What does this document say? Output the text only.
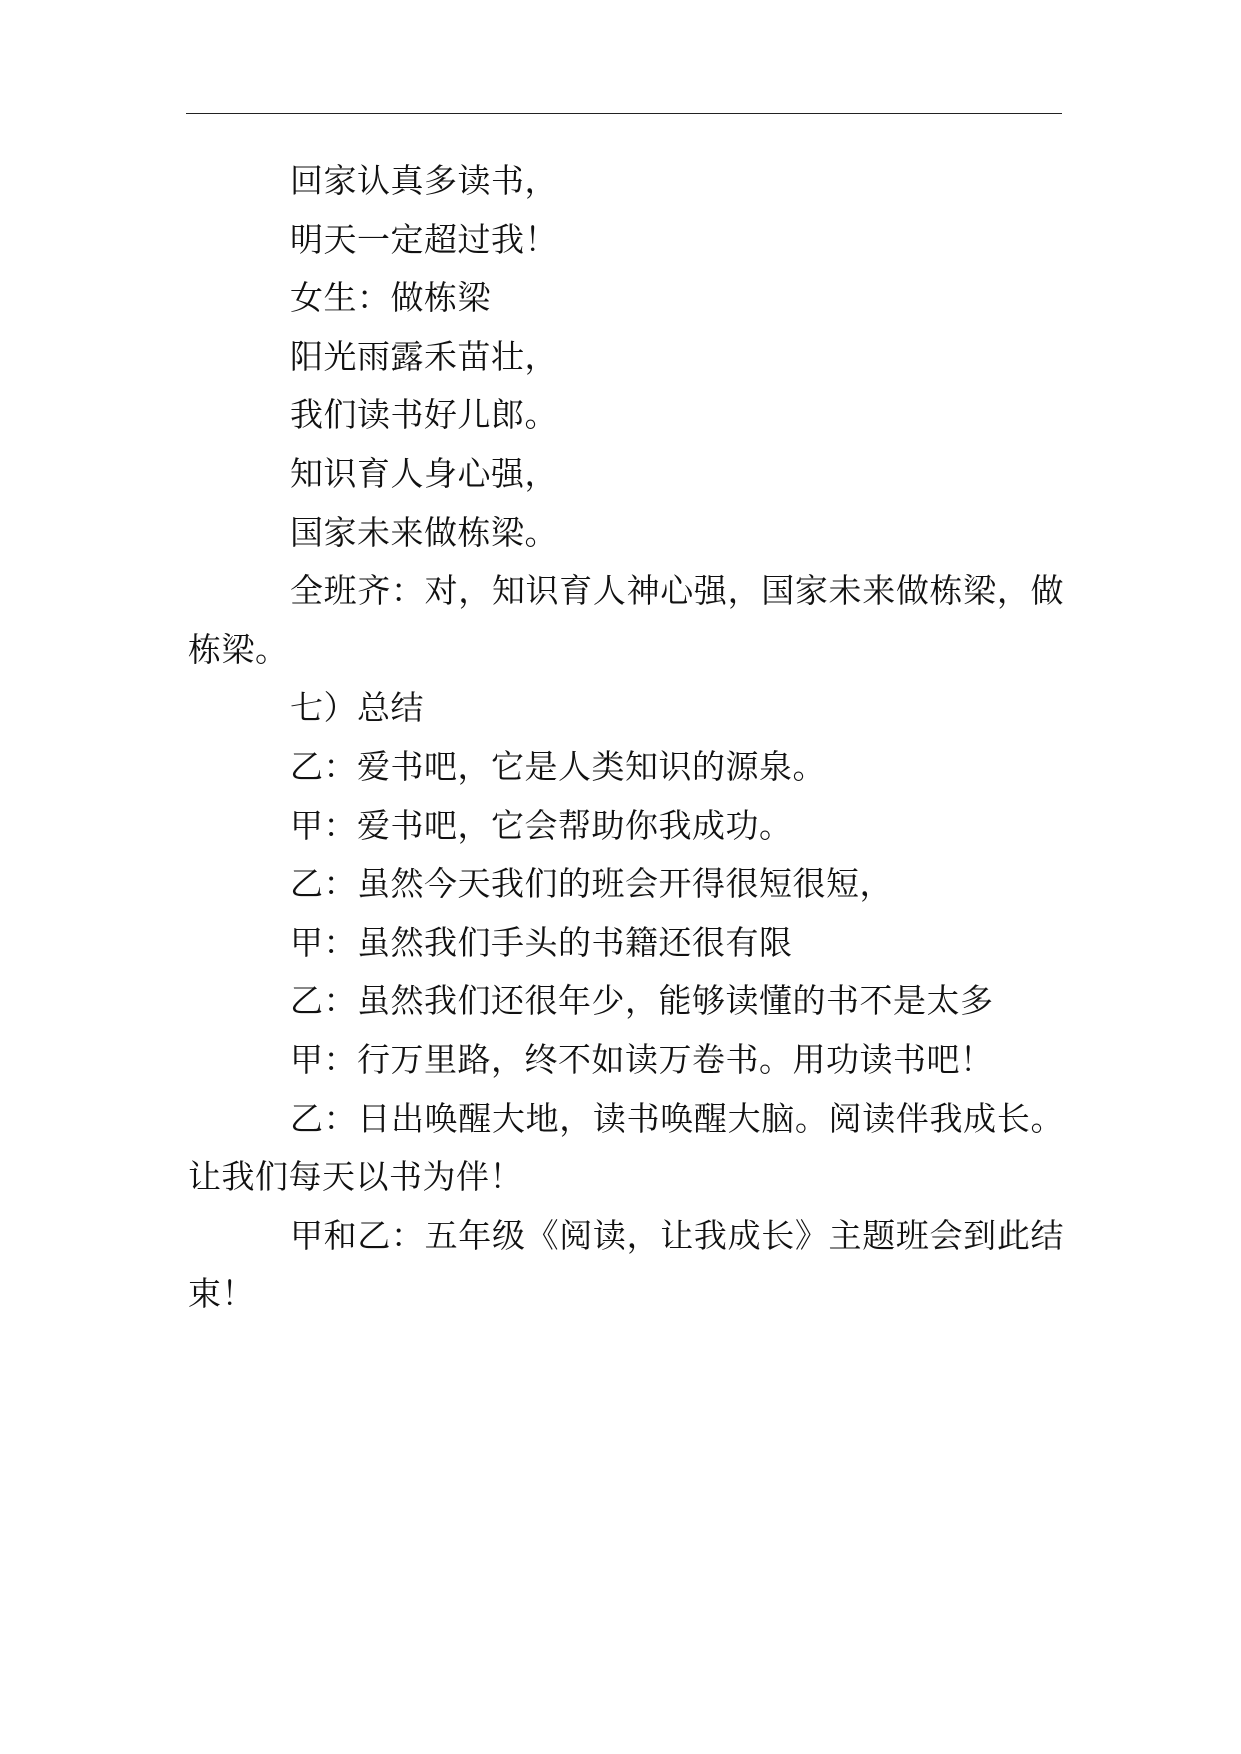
回家认真多读书，

明天一定超过我！

女生：做栋梁

阳光雨露禾苗壮，

我们读书好儿郎。

知识育人身心强，

国家未来做栋梁。

全班齐：对，知识育人神心强，国家未来做栋梁，做栋梁。

七）总结

乙：爱书吧，它是人类知识的源泉。

甲：爱书吧，它会帮助你我成功。

乙：虽然今天我们的班会开得很短很短，

甲：虽然我们手头的书籍还很有限

乙：虽然我们还很年少，能够读懂的书不是太多

甲：行万里路，终不如读万卷书。用功读书吧！

乙：日出唤醒大地，读书唤醒大脑。阅读伴我成长。让我们每天以书为伴！

甲和乙：五年级《阅读，让我成长》主题班会到此结束！
